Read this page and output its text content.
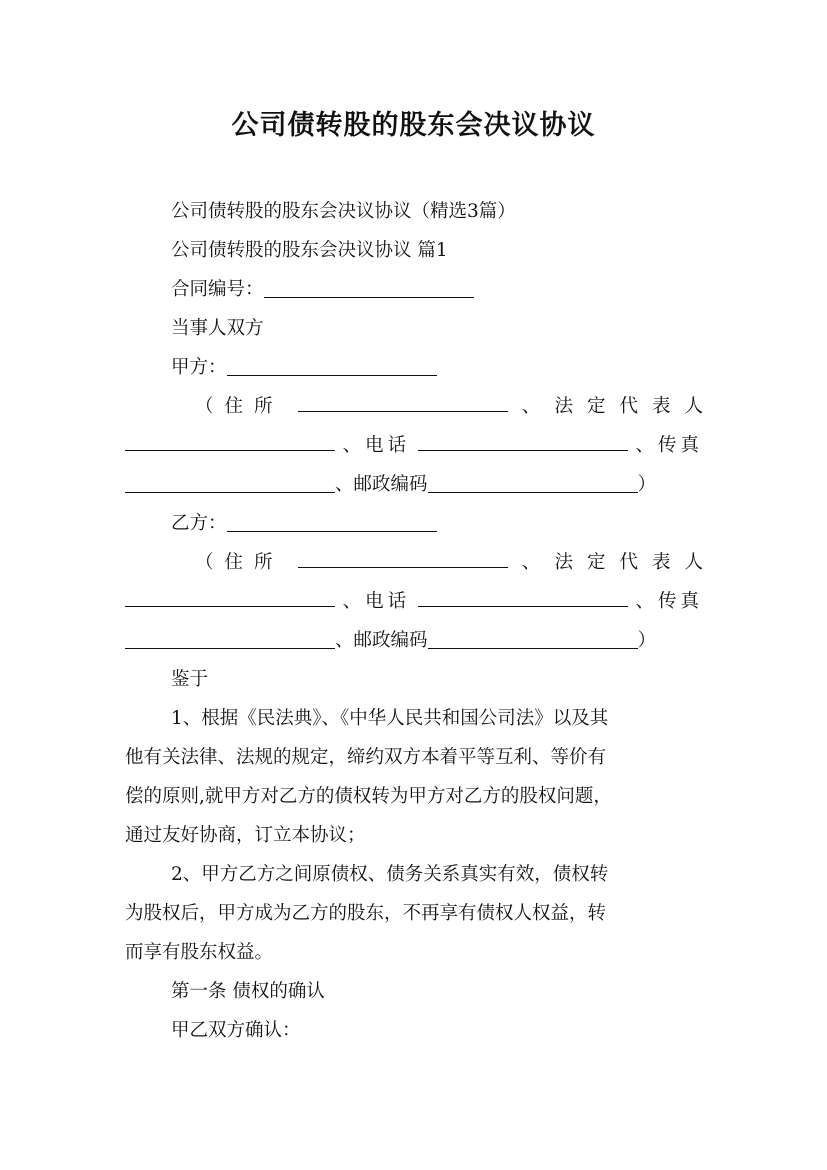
公司债转股的股东会决议协议
公司债转股的股东会决议协议（精选3篇）
公司债转股的股东会决议协议 篇1
合同编号：
当事人双方
甲方：
（住所	、 法定代表人
、电话	、传真
、邮政编码	）
乙方：
（住所	、 法定代表人
、电话	、传真
、邮政编码	）
鉴于
1、根据《民法典》、《中华人民共和国公司法》以及其
他有关法律、法规的规定，缔约双方本着平等互利、等价有
偿的原则,就甲方对乙方的债权转为甲方对乙方的股权问题，
通过友好协商，订立本协议；
2、甲方乙方之间原债权、债务关系真实有效，债权转
为股权后，甲方成为乙方的股东，不再享有债权人权益，转
而享有股东权益。
第一条 债权的确认
甲乙双方确认：
